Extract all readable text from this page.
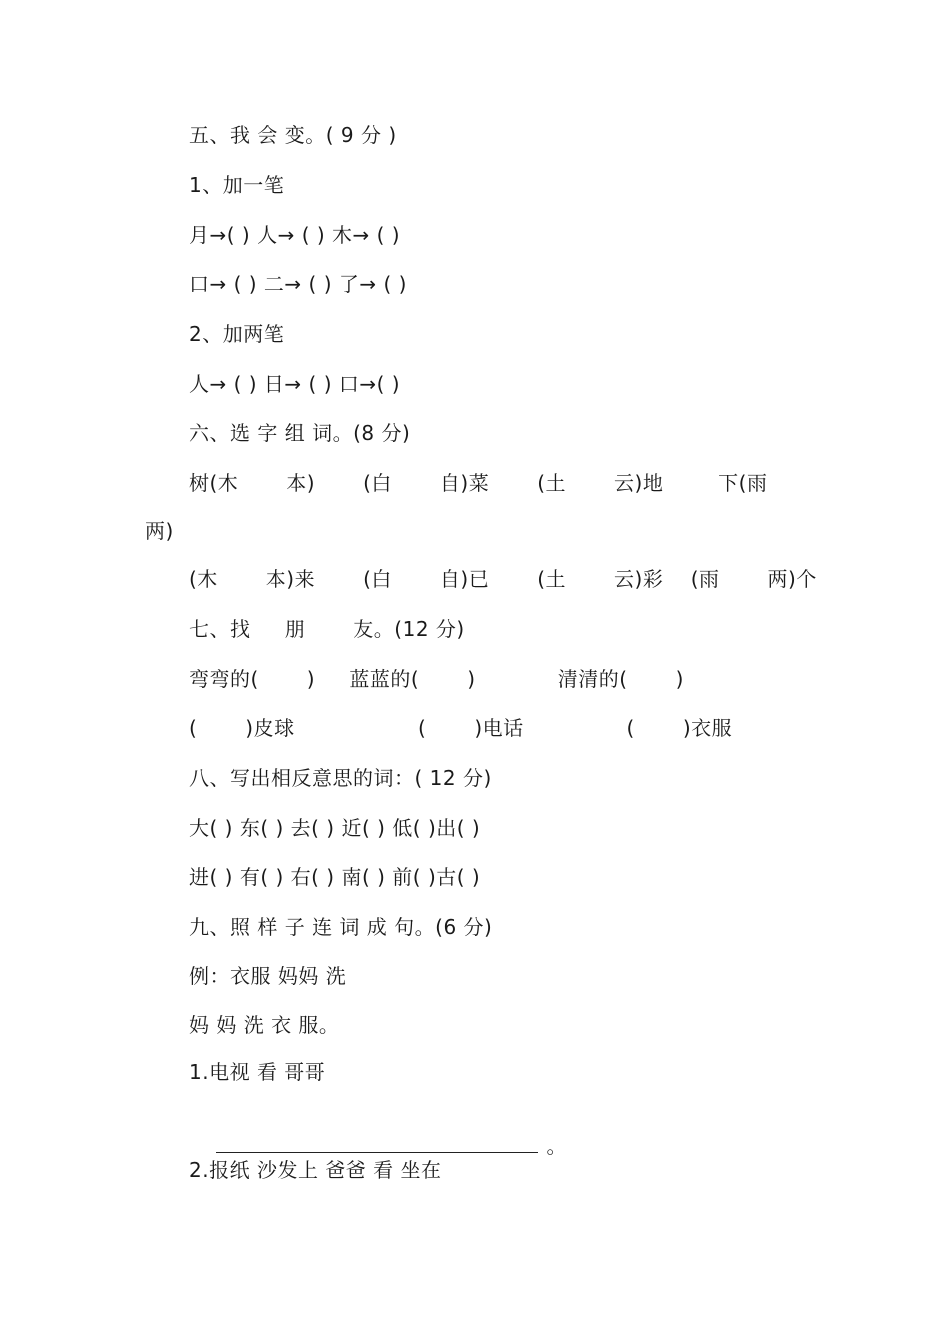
五、我 会 变。( 9 分 )
1、加一笔
月→( ) 人→ ( ) 木→ ( )
口→ ( ) 二→ ( ) 了→ ( )
2、加两笔
人→ ( ) 日→ ( ) 口→( )
六、选 字 组 词。(8 分)
树(木       本)       (白       自)菜       (土       云)地        下(雨
两)
(木       本)来       (白       自)已       (土       云)彩    (雨       两)个
七、找     朋       友。(12 分)
弯弯的(       )     蓝蓝的(       )            清清的(       )
(       )皮球                  (       )电话               (       )衣服
八、写出相反意思的词：( 12 分)
大( ) 东( ) 去( ) 近( ) 低( )出( )
进( ) 有( ) 右( ) 南( ) 前( )古( )
九、照 样 子 连 词 成 句。(6 分)
例：衣服 妈妈 洗
妈 妈 洗 衣 服。
1.电视 看 哥哥

。

2.报纸 沙发上 爸爸 看 坐在
